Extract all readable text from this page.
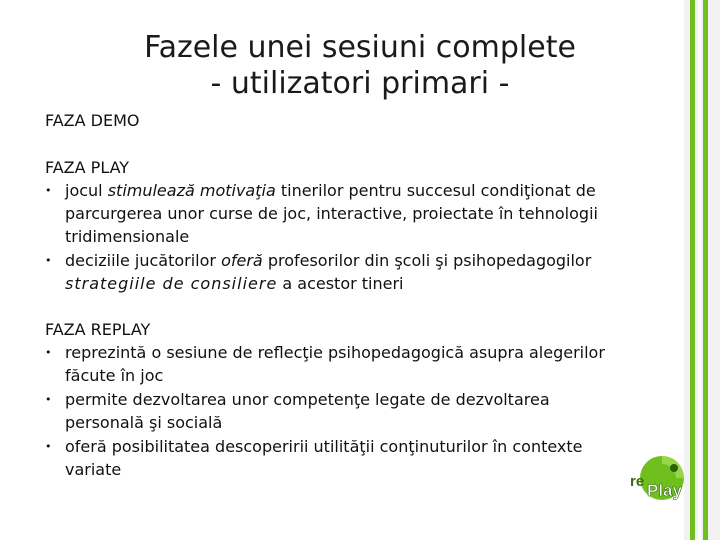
Fazele unei sesiuni complete
- utilizatori primari -
FAZA DEMO
FAZA PLAY
• jocul stimulează motivaţia tinerilor pentru succesul condiţionat de
parcurgerea unor curse de joc, interactive, proiectate în tehnologii
tridimensionale
• deciziile jucătorilor oferă profesorilor din şcoli şi psihopedagogilor
strategiile de consiliere a acestor tineri
FAZA REPLAY
• reprezintă o sesiune de reflecţie psihopedagogică asupra alegerilor
făcute în joc
• permite dezvoltarea unor competenţe legate de dezvoltarea
personală şi socială
• oferă posibilitatea descoperirii utilităţii conţinuturilor în contexte
variate
re Play
